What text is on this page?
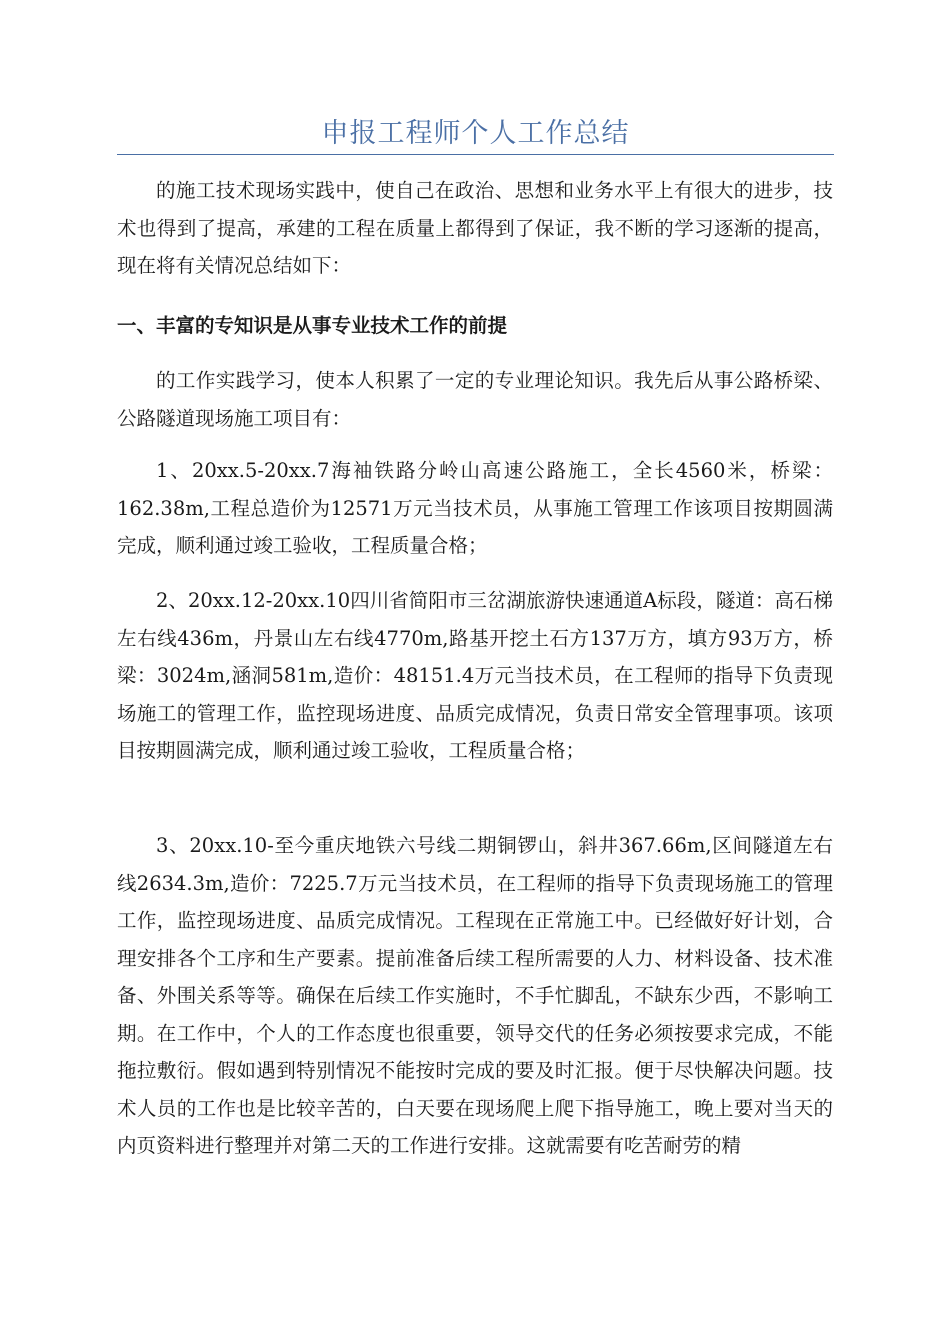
申报工程师个人工作总结

的施工技术现场实践中，使自己在政治、思想和业务水平上有很大的进步，技术也得到了提高，承建的工程在质量上都得到了保证，我不断的学习逐渐的提高，现在将有关情况总结如下：

一、丰富的专知识是从事专业技术工作的前提

的工作实践学习，使本人积累了一定的专业理论知识。我先后从事公路桥梁、公路隧道现场施工项目有：

1、20xx.5-20xx.7海袖铁路分岭山高速公路施工，全长4560米，桥梁：162.38m,工程总造价为12571万元当技术员，从事施工管理工作该项目按期圆满完成，顺利通过竣工验收，工程质量合格；

2、20xx.12-20xx.10四川省简阳市三岔湖旅游快速通道A标段，隧道：高石梯左右线436m，丹景山左右线4770m,路基开挖土石方137万方，填方93万方，桥梁：3024m,涵洞581m,造价：48151.4万元当技术员，在工程师的指导下负责现场施工的管理工作，监控现场进度、品质完成情况，负责日常安全管理事项。该项目按期圆满完成，顺利通过竣工验收，工程质量合格；

3、20xx.10-至今重庆地铁六号线二期铜锣山，斜井367.66m,区间隧道左右线2634.3m,造价：7225.7万元当技术员，在工程师的指导下负责现场施工的管理工作，监控现场进度、品质完成情况。工程现在正常施工中。已经做好好计划，合理安排各个工序和生产要素。提前准备后续工程所需要的人力、材料设备、技术准备、外围关系等等。确保在后续工作实施时，不手忙脚乱，不缺东少西，不影响工期。在工作中，个人的工作态度也很重要，领导交代的任务必须按要求完成，不能拖拉敷衍。假如遇到特别情况不能按时完成的要及时汇报。便于尽快解决问题。技术人员的工作也是比较辛苦的，白天要在现场爬上爬下指导施工，晚上要对当天的内页资料进行整理并对第二天的工作进行安排。这就需要有吃苦耐劳的精
